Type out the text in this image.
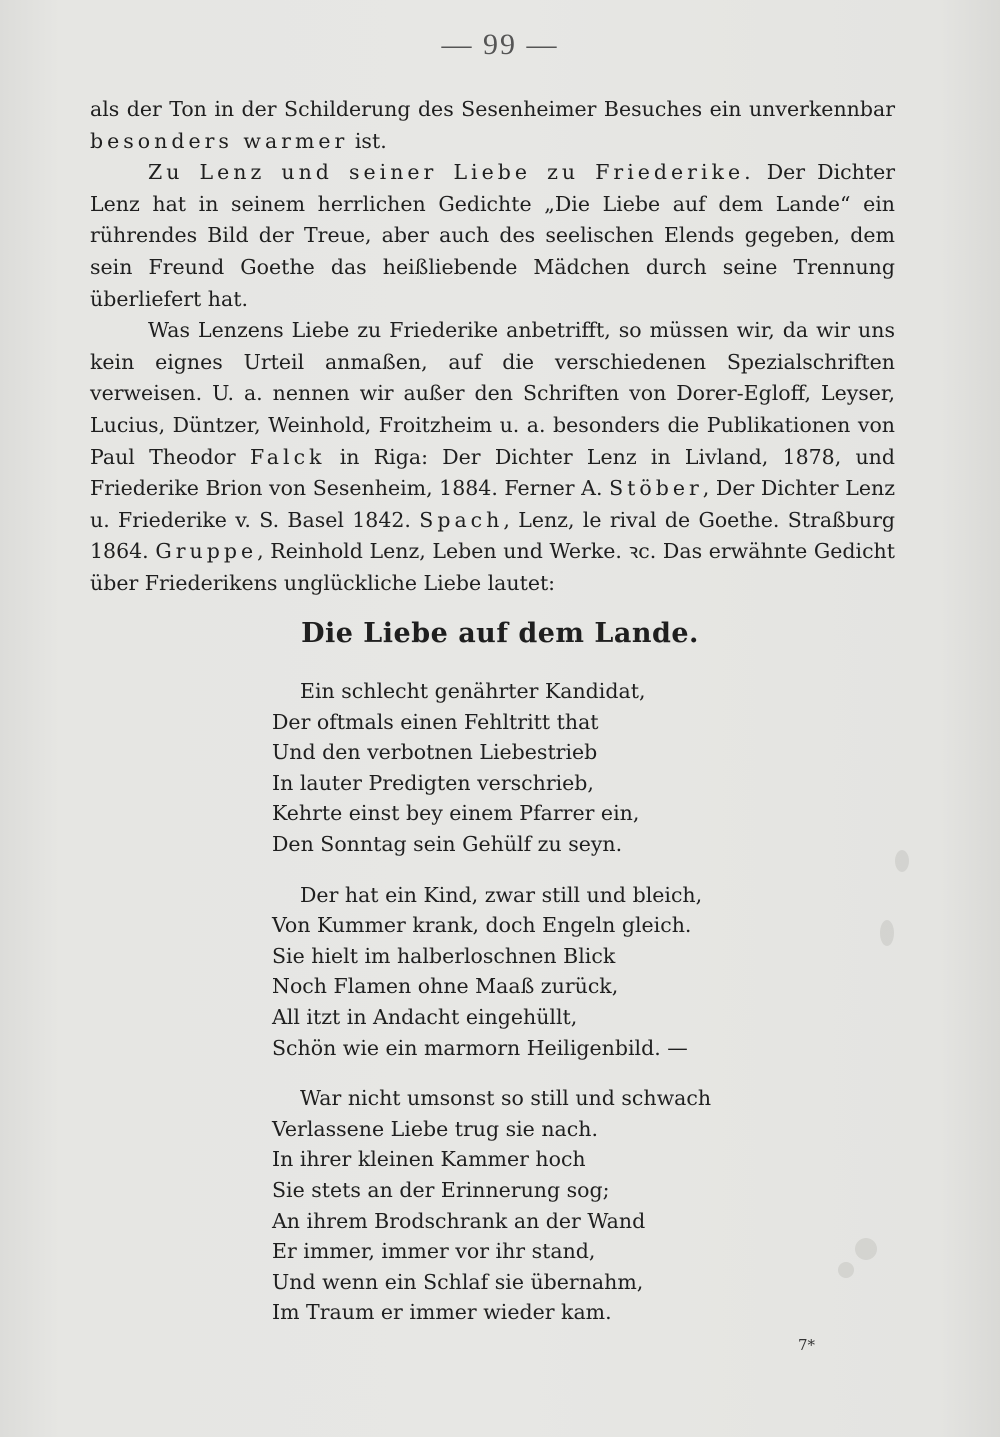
— 99 —

als der Ton in der Schilderung des Sesenheimer Besuches ein unverkennbar besonders warmer ist.

Zu Lenz und seiner Liebe zu Friederike. Der Dichter Lenz hat in seinem herrlichen Gedichte „Die Liebe auf dem Lande“ ein rührendes Bild der Treue, aber auch des seelischen Elends gegeben, dem sein Freund Goethe das heißliebende Mädchen durch seine Trennung überliefert hat.

Was Lenzens Liebe zu Friederike anbetrifft, so müssen wir, da wir uns kein eignes Urteil anmaßen, auf die verschiedenen Spezialschriften verweisen. U. a. nennen wir außer den Schriften von Dorer-Egloff, Leyser, Lucius, Düntzer, Weinhold, Froitzheim u. a. besonders die Publikationen von Paul Theodor Falck in Riga: Der Dichter Lenz in Livland, 1878, und Friederike Brion von Sesenheim, 1884. Ferner A. Stöber, Der Dichter Lenz u. Friederike v. S. Basel 1842. Spach, Lenz, le rival de Goethe. Straßburg 1864. Gruppe, Reinhold Lenz, Leben und Werke. ꝛc. Das erwähnte Gedicht über Friederikens unglückliche Liebe lautet:

Die Liebe auf dem Lande.
Ein schlecht genährter Kandidat,
Der oftmals einen Fehltritt that
Und den verbotnen Liebestrieb
In lauter Predigten verschrieb,
Kehrte einst bey einem Pfarrer ein,
Den Sonntag sein Gehülf zu seyn.
Der hat ein Kind, zwar still und bleich,
Von Kummer krank, doch Engeln gleich.
Sie hielt im halberloschnen Blick
Noch Flamen ohne Maaß zurück,
All itzt in Andacht eingehüllt,
Schön wie ein marmorn Heiligenbild. —
War nicht umsonst so still und schwach
Verlassene Liebe trug sie nach.
In ihrer kleinen Kammer hoch
Sie stets an der Erinnerung sog;
An ihrem Brodschrank an der Wand
Er immer, immer vor ihr stand,
Und wenn ein Schlaf sie übernahm,
Im Traum er immer wieder kam.
7*
